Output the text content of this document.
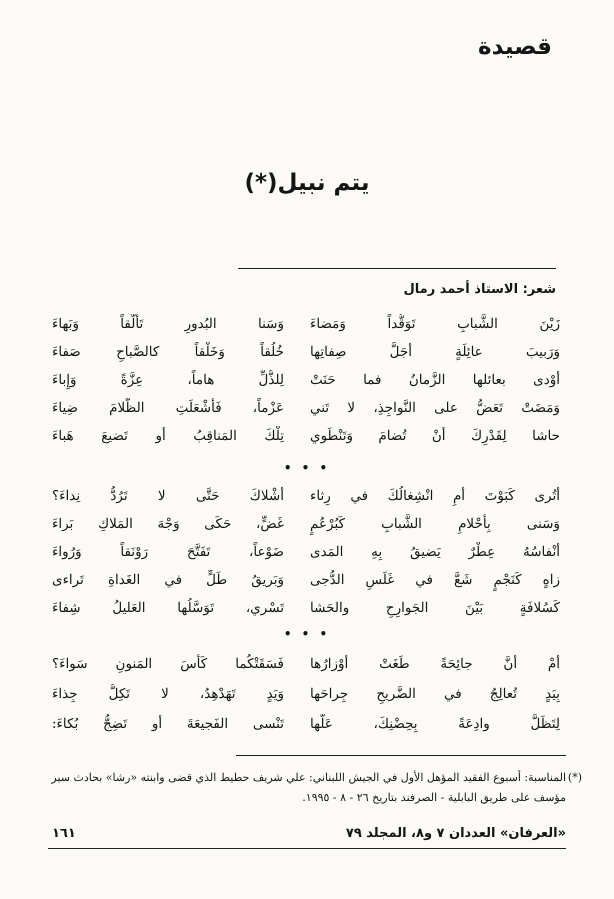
قصيدة
يتم نبيل(*)
شعر: الاستاذ أحمد رمال
زَيْنَ الشَّبابِ تَوَقُّداً وَمَضاءَ
وَسَنا البُدورِ تَأَلُّقاً وَبَهاءَ
وَرَبيبَ عائِلَةٍ أَجَلَّ صِفاتِها
خُلُقاً وَخَلْقاً كالصَّباحِ صَفاءَ
أَوْدى بعائلها الزَّمانُ فما حَنَتْ
لِلذُّلِّ هاماً، عِزَّةً وَإِباءَ
وَمَضَتْ تَعَضُّ على النَّواجِذِ، لا تَني
عَزْماً، فَأَشْعَلَتِ الظَّلامَ ضِياءَ
حاشا لِقَدْرِكَ أَنْ تُضامَ وَتَنْطَوي
تِلْكَ المَناقِبُ أو تَضيعَ هَباءَ
• • •
أَتُرى كَبَوْتَ أَمِ انْشِغالُكَ في رِثاء
أَشْلاكَ حَتَّى لا تَرُدُّ نِداءَ؟
وَسَنى بِأَحْلامِ الشَّبابِ كَبُرْعُمٍ
غَضٍّ، حَكَى وَجْهَ المَلاكِ بَراءَ
أَنْفاسُهُ عِطْرٌ يَضيقُ بِهِ المَدى
ضَوْعاً، تَفَتَّحَ رَوْنَقاً وَرُواءَ
زاهٍ كَنَجْمٍ شَعَّ في غَلَسِ الدُّجى
وَبَريقُ طَلٍّ في الغَداةِ تَراءى
كَسُلافَةٍ بَيْنَ الجَوارِحِ والحَشا
تَسْري، تَوَسَّلُها العَليلُ شِفاءَ
• • •
أَمْ أَنَّ جائِحَةً طَغَتْ أَوْزارُها
فَسَقَتْكُما كَأْسَ المَنونِ سَواءَ؟
بِيَدٍ تُعالِجُ في الضَّريحِ جِراحَها
وَيَدٍ تَهَدْهِدُ، لا تَكِلُّ جِذاءَ
لِتَظَلَّ وادِعَةً بِحِضْنِكَ، عَلَّها
تَنْسى الفَجيعَةَ أو تَضِجُّ بُكاءَ:
(*)
المناسبة: أسبوع الفقيد المؤهل الأول في الجيش اللبناني: علي شريف حطيط الذي قضى وابنته «رشا» بحادث سير مؤسف على طريق البابلية - الصرفند بتاريخ ٢٦ - ٨ - ١٩٩٥.
«العرفان» العددان ٧ و٨، المجلد ٧٩
١٦١
